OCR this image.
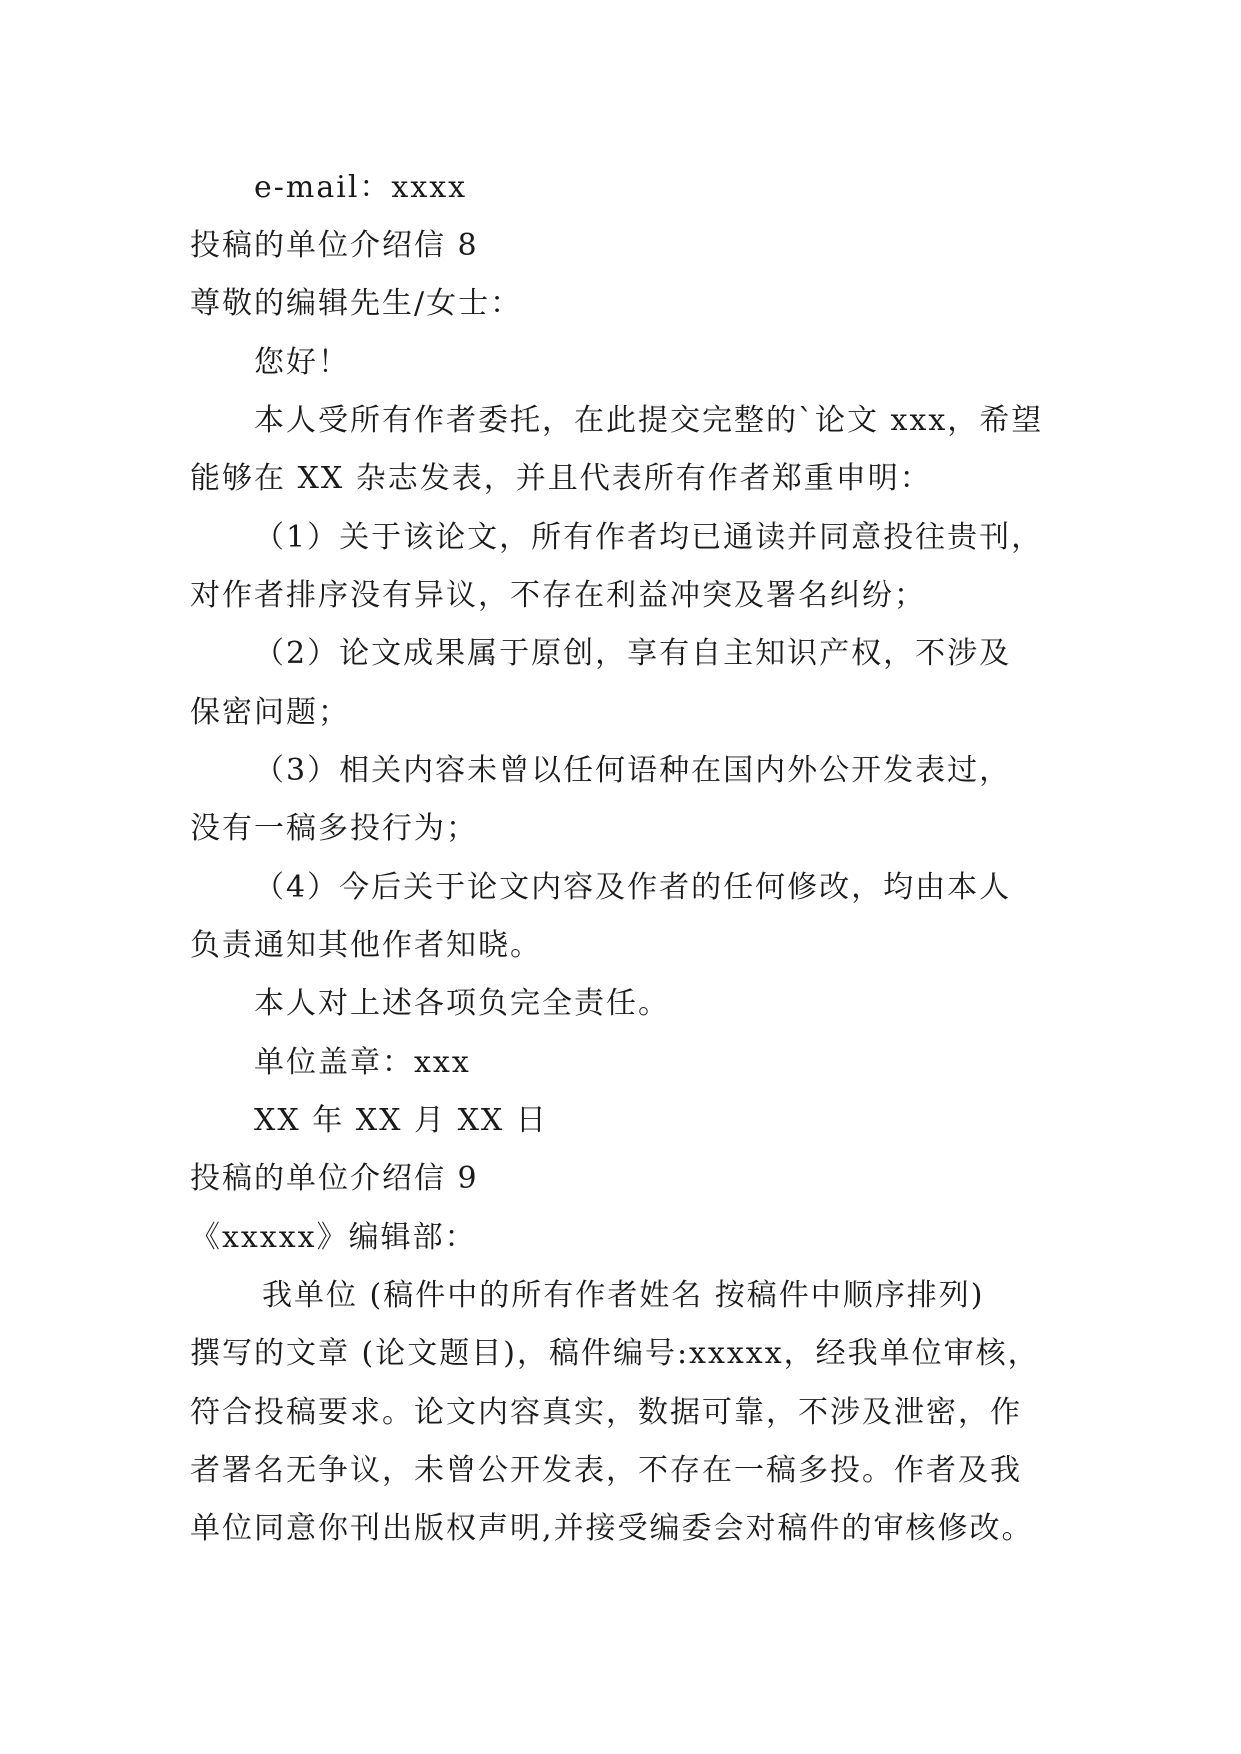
e-mail：xxxx
投稿的单位介绍信 8
尊敬的编辑先生/女士：
您好！
本人受所有作者委托，在此提交完整的`论文 xxx，希望
能够在 XX 杂志发表，并且代表所有作者郑重申明：
（1）关于该论文，所有作者均已通读并同意投往贵刊，
对作者排序没有异议，不存在利益冲突及署名纠纷；
（2）论文成果属于原创，享有自主知识产权，不涉及
保密问题；
（3）相关内容未曾以任何语种在国内外公开发表过，
没有一稿多投行为；
（4）今后关于论文内容及作者的任何修改，均由本人
负责通知其他作者知晓。
本人对上述各项负完全责任。
单位盖章：xxx
XX 年 XX 月 XX 日
投稿的单位介绍信 9
《xxxxx》编辑部：
我单位 (稿件中的所有作者姓名 按稿件中顺序排列)
撰写的文章 (论文题目)，稿件编号:xxxxx，经我单位审核，
符合投稿要求。论文内容真实，数据可靠，不涉及泄密，作
者署名无争议，未曾公开发表，不存在一稿多投。作者及我
单位同意你刊出版权声明,并接受编委会对稿件的审核修改。
